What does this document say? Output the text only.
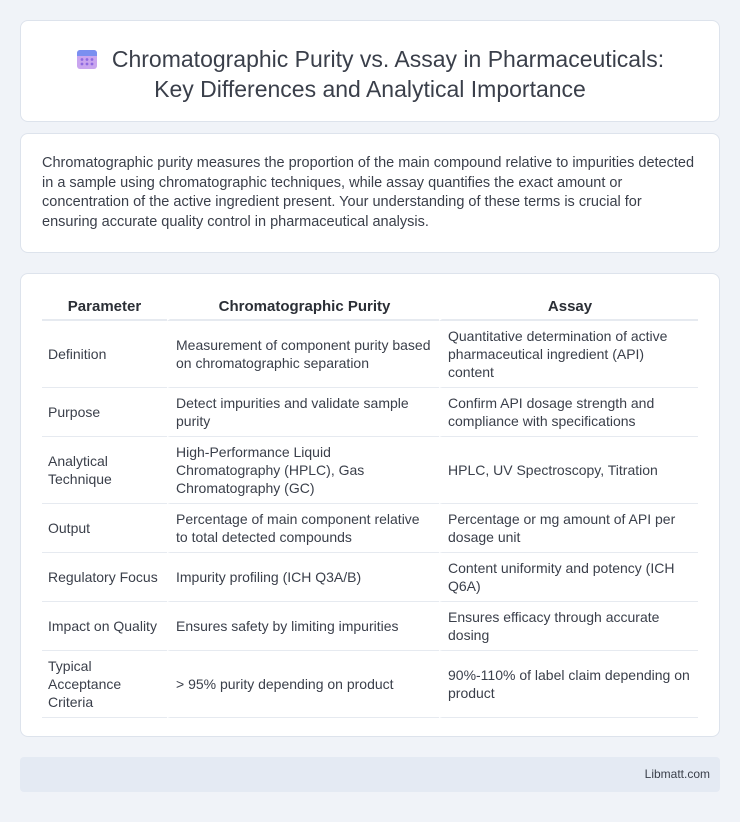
Chromatographic Purity vs. Assay in Pharmaceuticals:
Key Differences and Analytical Importance

Chromatographic purity measures the proportion of the main compound relative to impurities detected in a sample using chromatographic techniques, while assay quantifies the exact amount or concentration of the active ingredient present. Your understanding of these terms is crucial for ensuring accurate quality control in pharmaceutical analysis.

Parameter	Chromatographic Purity	Assay
Definition	Measurement of component purity based on chromatographic separation	Quantitative determination of active pharmaceutical ingredient (API) content
Purpose	Detect impurities and validate sample purity	Confirm API dosage strength and compliance with specifications
Analytical Technique	High-Performance Liquid Chromatography (HPLC), Gas Chromatography (GC)	HPLC, UV Spectroscopy, Titration
Output	Percentage of main component relative to total detected compounds	Percentage or mg amount of API per dosage unit
Regulatory Focus	Impurity profiling (ICH Q3A/B)	Content uniformity and potency (ICH Q6A)
Impact on Quality	Ensures safety by limiting impurities	Ensures efficacy through accurate dosing
Typical Acceptance Criteria	> 95% purity depending on product	90%-110% of label claim depending on product
Libmatt.com
